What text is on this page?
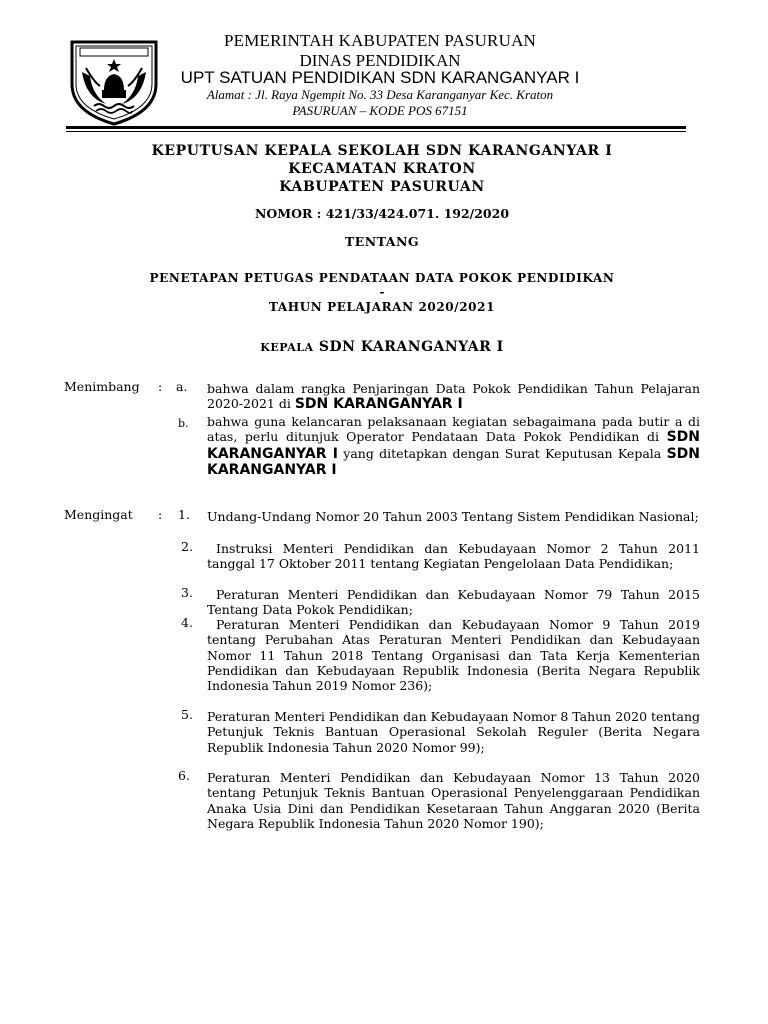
PEMERINTAH KABUPATEN PASURUAN
DINAS PENDIDIKAN
UPT SATUAN PENDIDIKAN SDN KARANGANYAR I
Alamat : Jl. Raya Ngempit No. 33 Desa Karanganyar Kec. Kraton
PASURUAN – KODE POS 67151
KEPUTUSAN KEPALA SEKOLAH SDN KARANGANYAR I
KECAMATAN KRATON
KABUPATEN PASURUAN
NOMOR : 421/33/424.071. 192/2020
TENTANG
PENETAPAN PETUGAS PENDATAAN DATA POKOK PENDIDIKAN
-
TAHUN PELAJARAN 2020/2021
KEPALA SDN KARANGANYAR I
Menimbang : a. bahwa dalam rangka Penjaringan Data Pokok Pendidikan Tahun Pelajaran 2020-2021 di SDN KARANGANYAR I
b. bahwa guna kelancaran pelaksanaan kegiatan sebagaimana pada butir a di atas, perlu ditunjuk Operator Pendataan Data Pokok Pendidikan di SDN KARANGANYAR I yang ditetapkan dengan Surat Keputusan Kepala SDN KARANGANYAR I
Mengingat : 1. Undang-Undang Nomor 20 Tahun 2003 Tentang Sistem Pendidikan Nasional;
2.	Instruksi Menteri Pendidikan dan Kebudayaan Nomor 2 Tahun 2011 tanggal 17 Oktober 2011 tentang Kegiatan Pengelolaan Data Pendidikan;
3.	Peraturan Menteri Pendidikan dan Kebudayaan Nomor 79 Tahun 2015 Tentang Data Pokok Pendidikan;
4.	Peraturan Menteri Pendidikan dan Kebudayaan Nomor 9 Tahun 2019 tentang Perubahan Atas Peraturan Menteri Pendidikan dan Kebudayaan Nomor 11 Tahun 2018 Tentang Organisasi dan Tata Kerja Kementerian Pendidikan dan Kebudayaan Republik Indonesia (Berita Negara Republik Indonesia Tahun 2019 Nomor 236);
5. Peraturan Menteri Pendidikan dan Kebudayaan Nomor 8 Tahun 2020 tentang Petunjuk Teknis Bantuan Operasional Sekolah Reguler (Berita Negara Republik Indonesia Tahun 2020 Nomor 99);
6. Peraturan Menteri Pendidikan dan Kebudayaan Nomor 13 Tahun 2020 tentang Petunjuk Teknis Bantuan Operasional Penyelenggaraan Pendidikan Anaka Usia Dini dan Pendidikan Kesetaraan Tahun Anggaran 2020 (Berita Negara Republik Indonesia Tahun 2020 Nomor 190);
